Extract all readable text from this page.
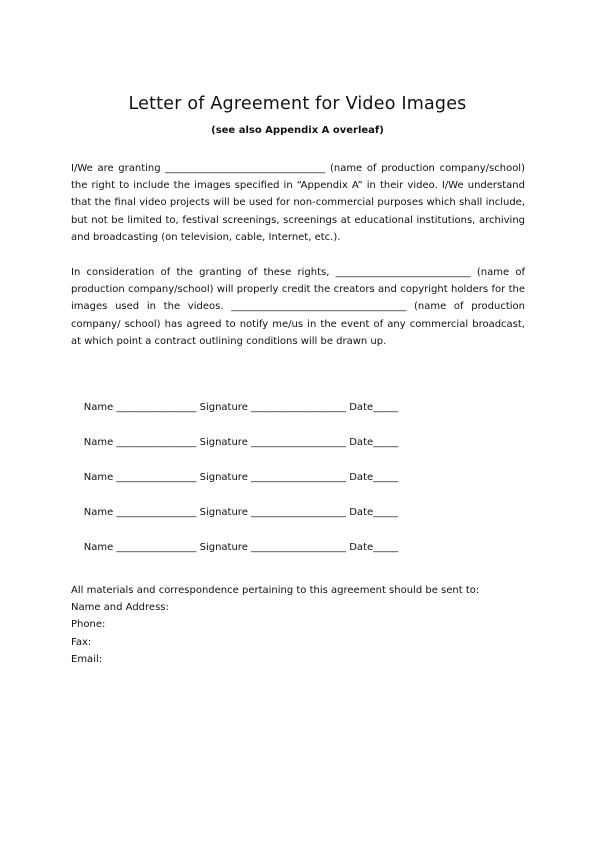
Letter of Agreement for Video Images

(see also Appendix A overleaf)

I/We are granting ________________________________ (name of production company/school) the right to include the images specified in “Appendix A” in their video. I/We understand that the final video projects will be used for non-commercial purposes which shall include, but not be limited to, festival screenings, screenings at educational institutions, archiving and broadcasting (on television, cable, Internet, etc.).

In consideration of the granting of these rights, ___________________________ (name of production company/school) will properly credit the creators and copyright holders for the images used in the videos. ___________________________________ (name of production company/ school) has agreed to notify me/us in the event of any commercial broadcast, at which point a contract outlining conditions will be drawn up.

Name ________________ Signature ___________________ Date_____

Name ________________ Signature ___________________ Date_____

Name ________________ Signature ___________________ Date_____

Name ________________ Signature ___________________ Date_____

Name ________________ Signature ___________________ Date_____

All materials and correspondence pertaining to this agreement should be sent to:
Name and Address:
Phone:
Fax:
Email:
